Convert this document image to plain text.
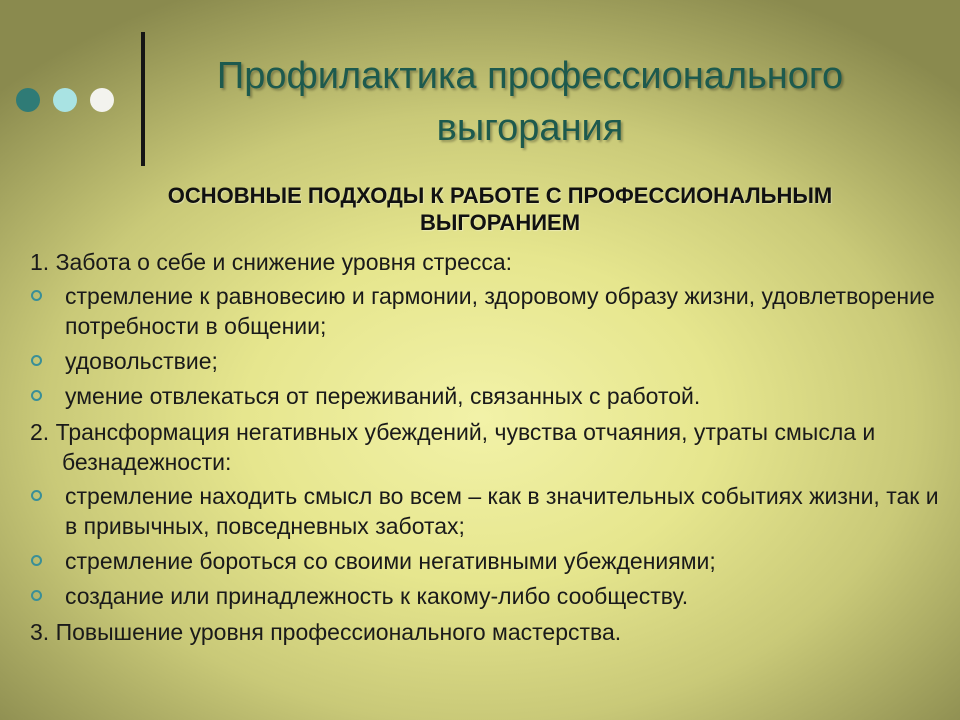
Профилактика профессионального
выгорания
ОСНОВНЫЕ ПОДХОДЫ К РАБОТЕ С ПРОФЕССИОНАЛЬНЫМ
ВЫГОРАНИЕМ
1. Забота о себе и снижение уровня стресса:
стремление к равновесию и гармонии, здоровому образу жизни, удовлетворение потребности в общении;
удовольствие;
умение отвлекаться от переживаний, связанных с работой.
2. Трансформация негативных убеждений, чувства отчаяния, утраты смысла и безнадежности:
стремление находить смысл во всем – как в значительных событиях жизни, так и в привычных, повседневных заботах;
стремление бороться со своими негативными убеждениями;
создание или принадлежность к какому-либо сообществу.
3. Повышение уровня профессионального мастерства.
